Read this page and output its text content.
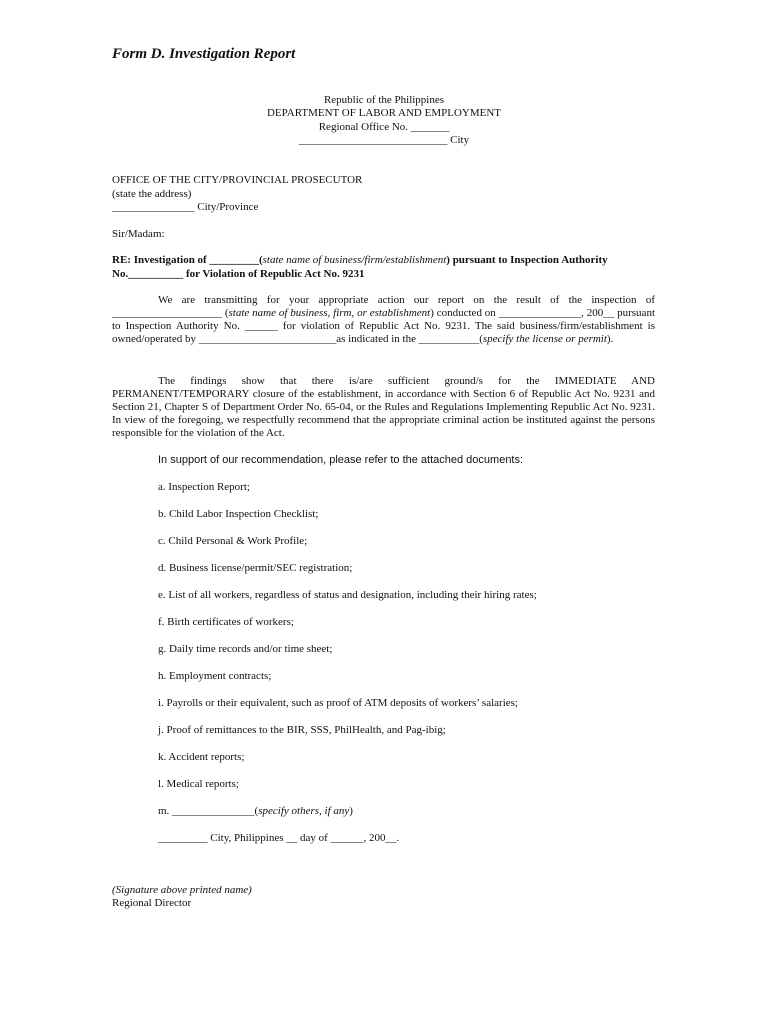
Form D. Investigation Report
Republic of the Philippines
DEPARTMENT OF LABOR AND EMPLOYMENT
Regional Office No. _______
___________________________ City
OFFICE OF THE CITY/PROVINCIAL PROSECUTOR
(state the address)
_______________ City/Province
Sir/Madam:
RE: Investigation of _________(state name of business/firm/establishment) pursuant to Inspection Authority
No.__________ for Violation of Republic Act No. 9231
We are transmitting for your appropriate action our report on the result of the inspection of ____________________ (state name of business, firm, or establishment) conducted on _______________, 200__ pursuant to Inspection Authority No. ______ for violation of Republic Act No. 9231. The said business/firm/establishment is owned/operated by _________________________as indicated in the ___________(specify the license or permit).
The findings show that there is/are sufficient ground/s for the IMMEDIATE AND PERMANENT/TEMPORARY closure of the establishment, in accordance with Section 6 of Republic Act No. 9231 and Section 21, Chapter S of Department Order No. 65-04, or the Rules and Regulations Implementing Republic Act No. 9231. In view of the foregoing, we respectfully recommend that the appropriate criminal action be instituted against the persons responsible for the violation of the Act.
In support of our recommendation, please refer to the attached documents:
a. Inspection Report;
b. Child Labor Inspection Checklist;
c. Child Personal & Work Profile;
d. Business license/permit/SEC registration;
e. List of all workers, regardless of status and designation, including their hiring rates;
f. Birth certificates of workers;
g. Daily time records and/or time sheet;
h. Employment contracts;
i. Payrolls or their equivalent, such as proof of ATM deposits of workers’ salaries;
j. Proof of remittances to the BIR, SSS, PhilHealth, and Pag-ibig;
k. Accident reports;
l. Medical reports;
m. _______________(specify others, if any)
_________ City, Philippines __ day of ______, 200__.
(Signature above printed name)
Regional Director
